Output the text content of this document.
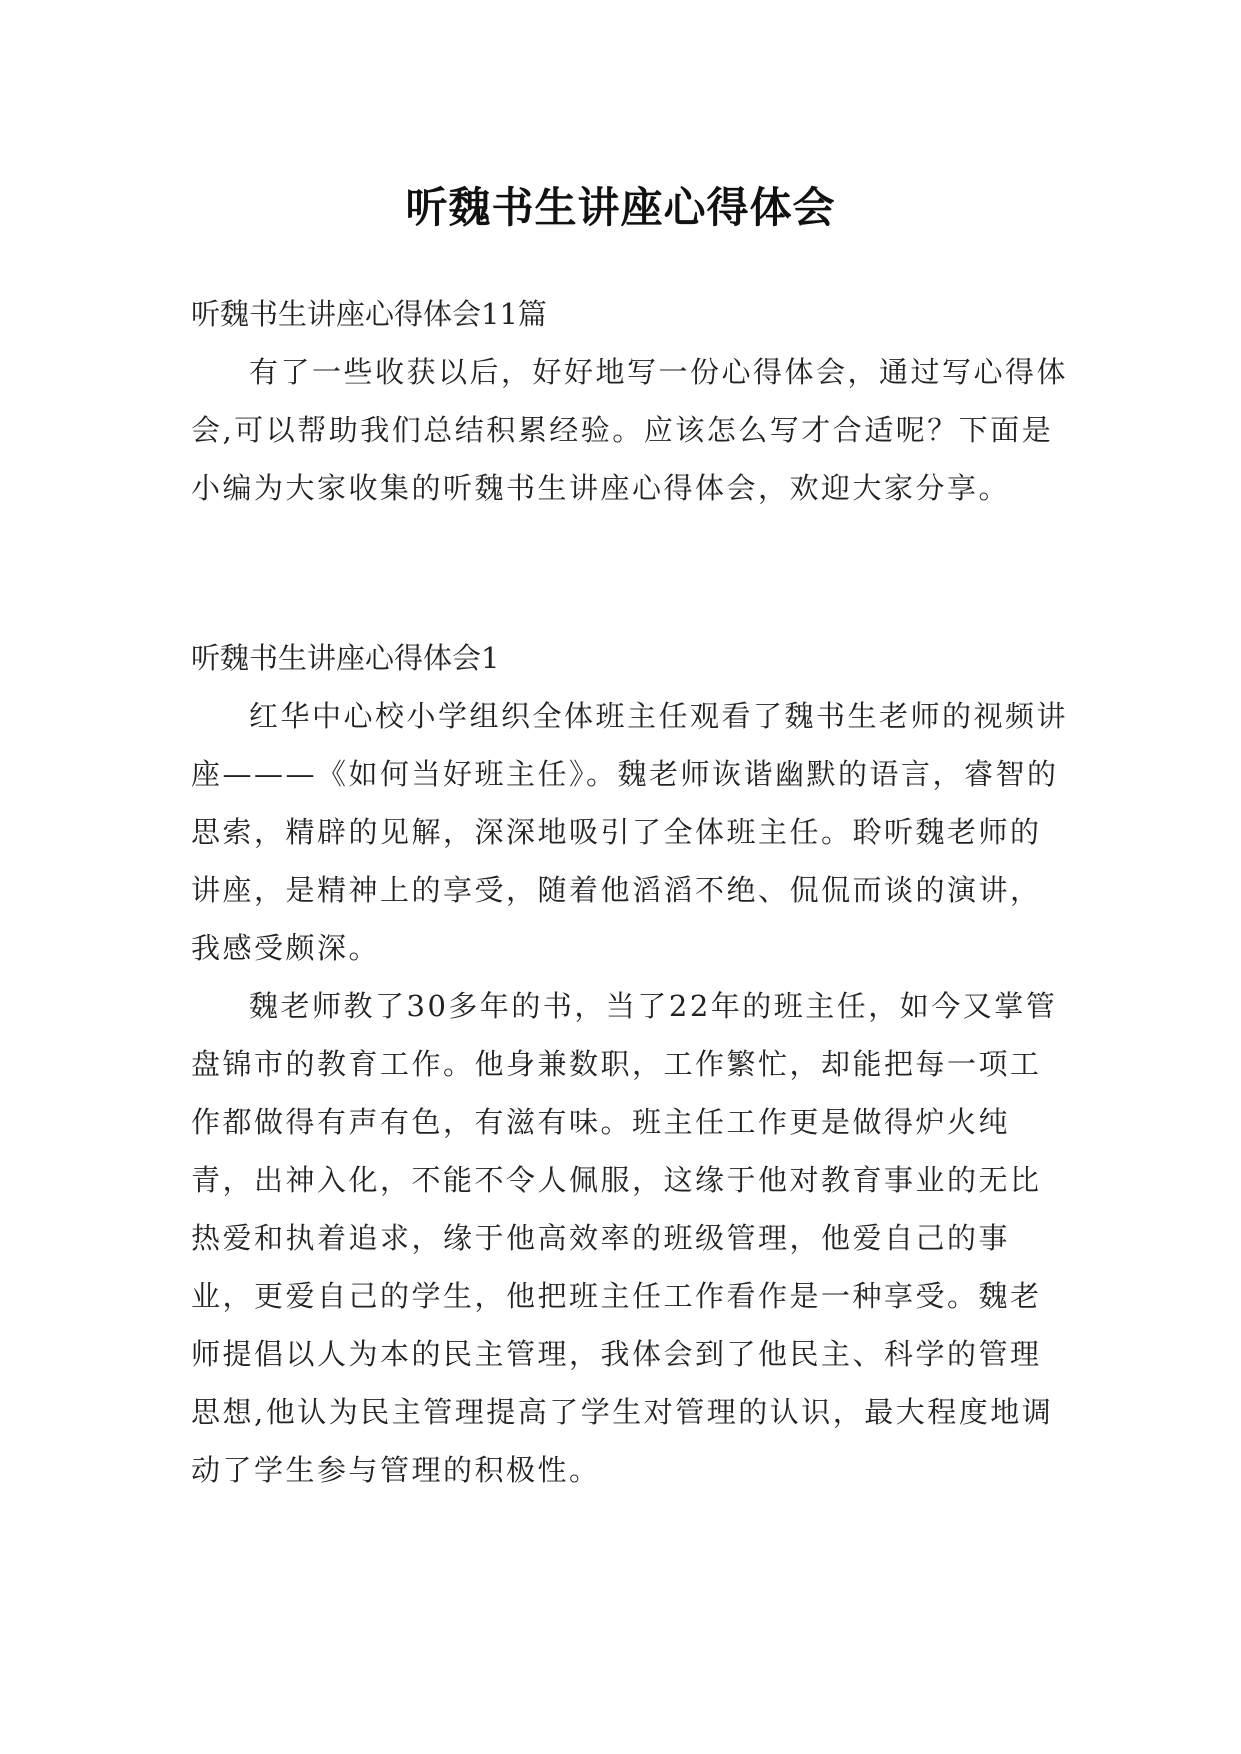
听魏书生讲座心得体会

听魏书生讲座心得体会11篇

有了一些收获以后，好好地写一份心得体会，通过写心得体会,可以帮助我们总结积累经验。应该怎么写才合适呢？下面是小编为大家收集的听魏书生讲座心得体会，欢迎大家分享。

听魏书生讲座心得体会1

红华中心校小学组织全体班主任观看了魏书生老师的视频讲座———《如何当好班主任》。魏老师诙谐幽默的语言，睿智的思索，精辟的见解，深深地吸引了全体班主任。聆听魏老师的讲座，是精神上的享受，随着他滔滔不绝、侃侃而谈的演讲，我感受颇深。

魏老师教了30多年的书，当了22年的班主任，如今又掌管盘锦市的教育工作。他身兼数职，工作繁忙，却能把每一项工作都做得有声有色，有滋有味。班主任工作更是做得炉火纯青，出神入化，不能不令人佩服，这缘于他对教育事业的无比热爱和执着追求，缘于他高效率的班级管理，他爱自己的事业，更爱自己的学生，他把班主任工作看作是一种享受。魏老师提倡以人为本的民主管理，我体会到了他民主、科学的管理思想,他认为民主管理提高了学生对管理的认识，最大程度地调动了学生参与管理的积极性。
